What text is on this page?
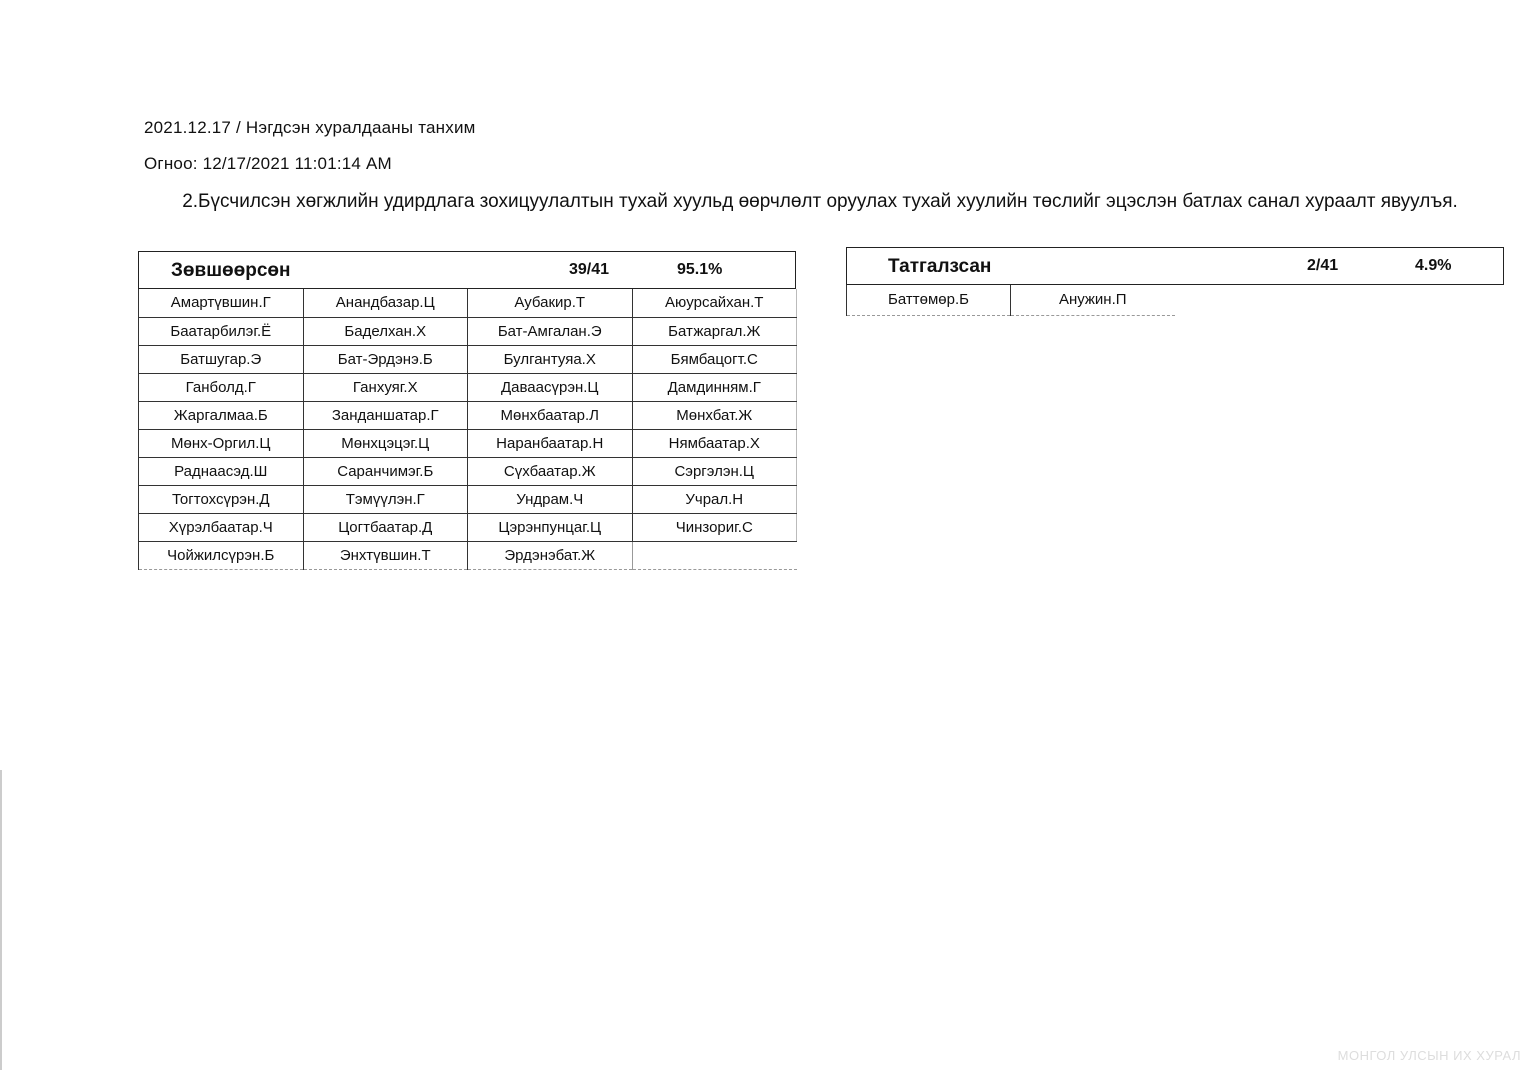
2021.12.17 / Нэгдсэн хуралдааны танхим
Огноо: 12/17/2021 11:01:14 AM
2.Бүсчилсэн хөгжлийн удирдлага зохицуулалтын тухай хуульд өөрчлөлт оруулах тухай хуулийн төслийг эцэслэн батлах санал хураалт явуулъя.
Зөвшөөрсөн	39/41	95.1%
Амартүвшин.Г	Анандбазар.Ц	Аубакир.Т	Аюурсайхан.Т
Баатарбилэг.Ё	Баделхан.Х	Бат-Амгалан.Э	Батжаргал.Ж
Батшугар.Э	Бат-Эрдэнэ.Б	Булгантуяа.Х	Бямбацогт.С
Ганболд.Г	Ганхуяг.Х	Даваасүрэн.Ц	Дамдинням.Г
Жаргалмаа.Б	Занданшатар.Г	Мөнхбаатар.Л	Мөнхбат.Ж
Мөнх-Оргил.Ц	Мөнхцэцэг.Ц	Наранбаатар.Н	Нямбаатар.Х
Раднаасэд.Ш	Саранчимэг.Б	Сүхбаатар.Ж	Сэргэлэн.Ц
Тогтохсүрэн.Д	Тэмүүлэн.Г	Ундрам.Ч	Учрал.Н
Хүрэлбаатар.Ч	Цогтбаатар.Д	Цэрэнпунцаг.Ц	Чинзориг.С
Чойжилсүрэн.Б	Энхтүвшин.Т	Эрдэнэбат.Ж	
Татгалзсан	2/41	4.9%
Баттөмөр.Б	Анужин.П
МОНГОЛ УЛСЫН ИХ ХУРАЛ
